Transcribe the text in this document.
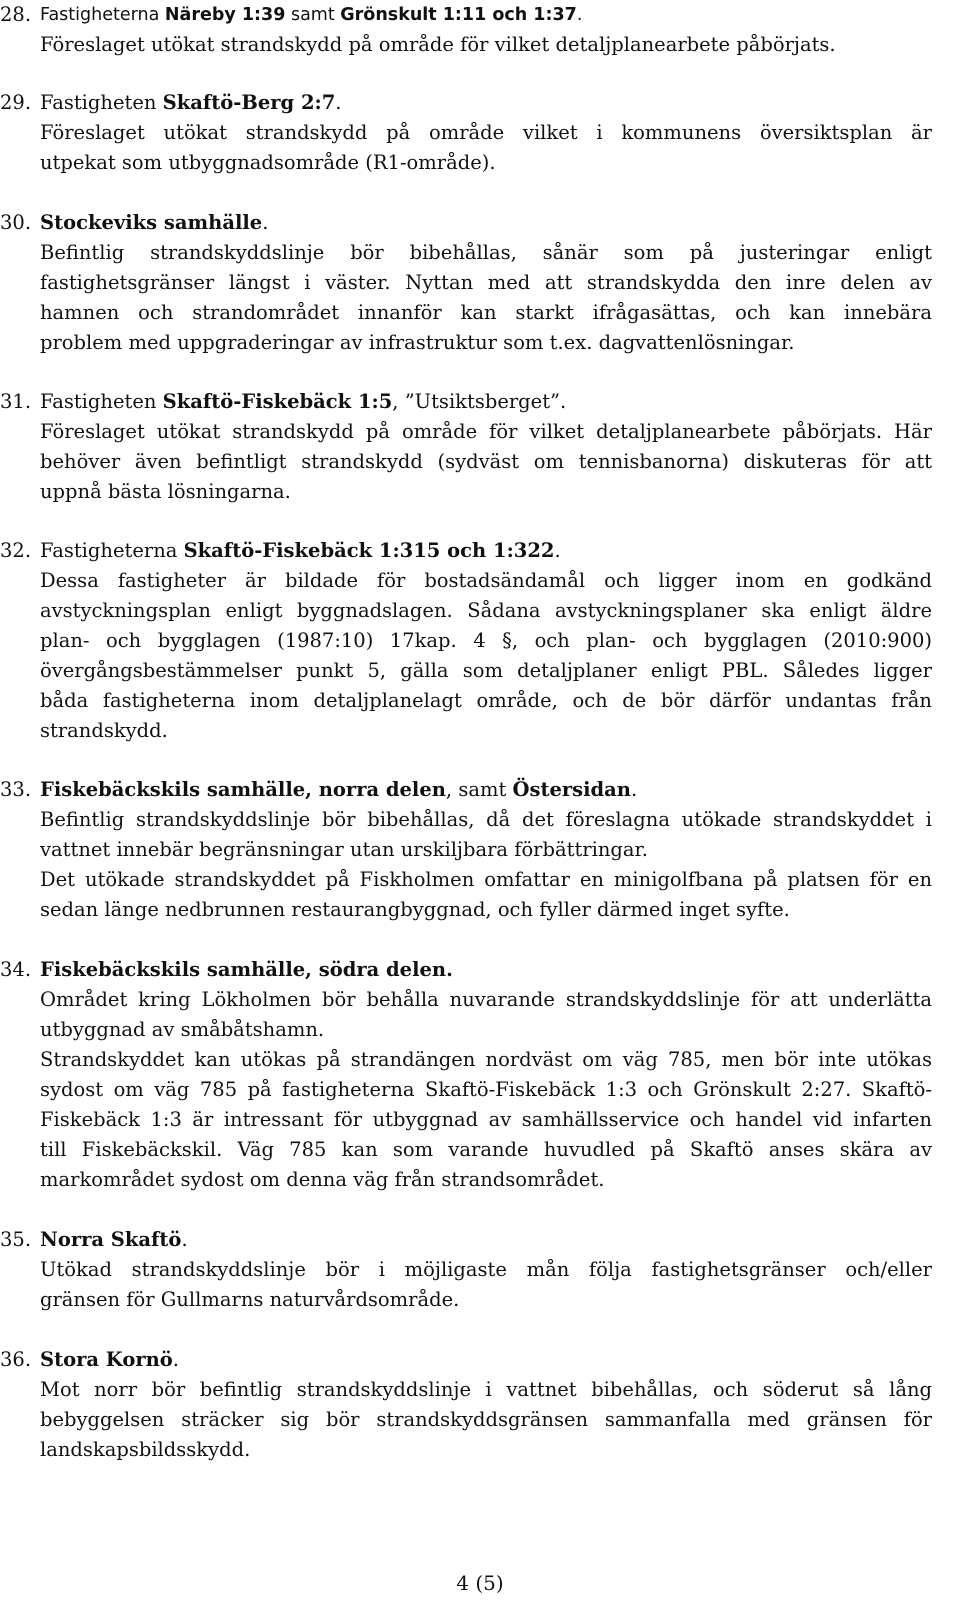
28. Fastigheterna Näreby 1:39 samt Grönskult 1:11 och 1:37.
Föreslaget utökat strandskydd på område för vilket detaljplanearbete påbörjats.
29. Fastigheten Skaftö-Berg 2:7.
Föreslaget utökat strandskydd på område vilket i kommunens översiktsplan är
utpekat som utbyggnadsområde (R1-område).
30. Stockeviks samhälle.
Befintlig strandskyddslinje bör bibehållas, sånär som på justeringar enligt
fastighetsgränser längst i väster. Nyttan med att strandskydda den inre delen av
hamnen och strandområdet innanför kan starkt ifrågasättas, och kan innebära
problem med uppgraderingar av infrastruktur som t.ex. dagvattenlösningar.
31. Fastigheten Skaftö-Fiskebäck 1:5, ”Utsiktsberget”.
Föreslaget utökat strandskydd på område för vilket detaljplanearbete påbörjats. Här
behöver även befintligt strandskydd (sydväst om tennisbanorna) diskuteras för att
uppnå bästa lösningarna.
32. Fastigheterna Skaftö-Fiskebäck 1:315 och 1:322.
Dessa fastigheter är bildade för bostadsändamål och ligger inom en godkänd
avstyckningsplan enligt byggnadslagen. Sådana avstyckningsplaner ska enligt äldre
plan- och bygglagen (1987:10) 17kap. 4 §, och plan- och bygglagen (2010:900)
övergångsbestämmelser punkt 5, gälla som detaljplaner enligt PBL. Således ligger
båda fastigheterna inom detaljplanelagt område, och de bör därför undantas från
strandskydd.
33. Fiskebäckskils samhälle, norra delen, samt Östersidan.
Befintlig strandskyddslinje bör bibehållas, då det föreslagna utökade strandskyddet i
vattnet innebär begränsningar utan urskiljbara förbättringar.
Det utökade strandskyddet på Fiskholmen omfattar en minigolfbana på platsen för en
sedan länge nedbrunnen restaurangbyggnad, och fyller därmed inget syfte.
34. Fiskebäckskils samhälle, södra delen.
Området kring Lökholmen bör behålla nuvarande strandskyddslinje för att underlätta
utbyggnad av småbåtshamn.
Strandskyddet kan utökas på strandängen nordväst om väg 785, men bör inte utökas
sydost om väg 785 på fastigheterna Skaftö-Fiskebäck 1:3 och Grönskult 2:27. Skaftö-
Fiskebäck 1:3 är intressant för utbyggnad av samhällsservice och handel vid infarten
till Fiskebäckskil. Väg 785 kan som varande huvudled på Skaftö anses skära av
markområdet sydost om denna väg från strandsområdet.
35. Norra Skaftö.
Utökad strandskyddslinje bör i möjligaste mån följa fastighetsgränser och/eller
gränsen för Gullmarns naturvårdsområde.
36. Stora Kornö.
Mot norr bör befintlig strandskyddslinje i vattnet bibehållas, och söderut så lång
bebyggelsen sträcker sig bör strandskyddsgränsen sammanfalla med gränsen för
landskapsbildsskydd.
4 (5)
